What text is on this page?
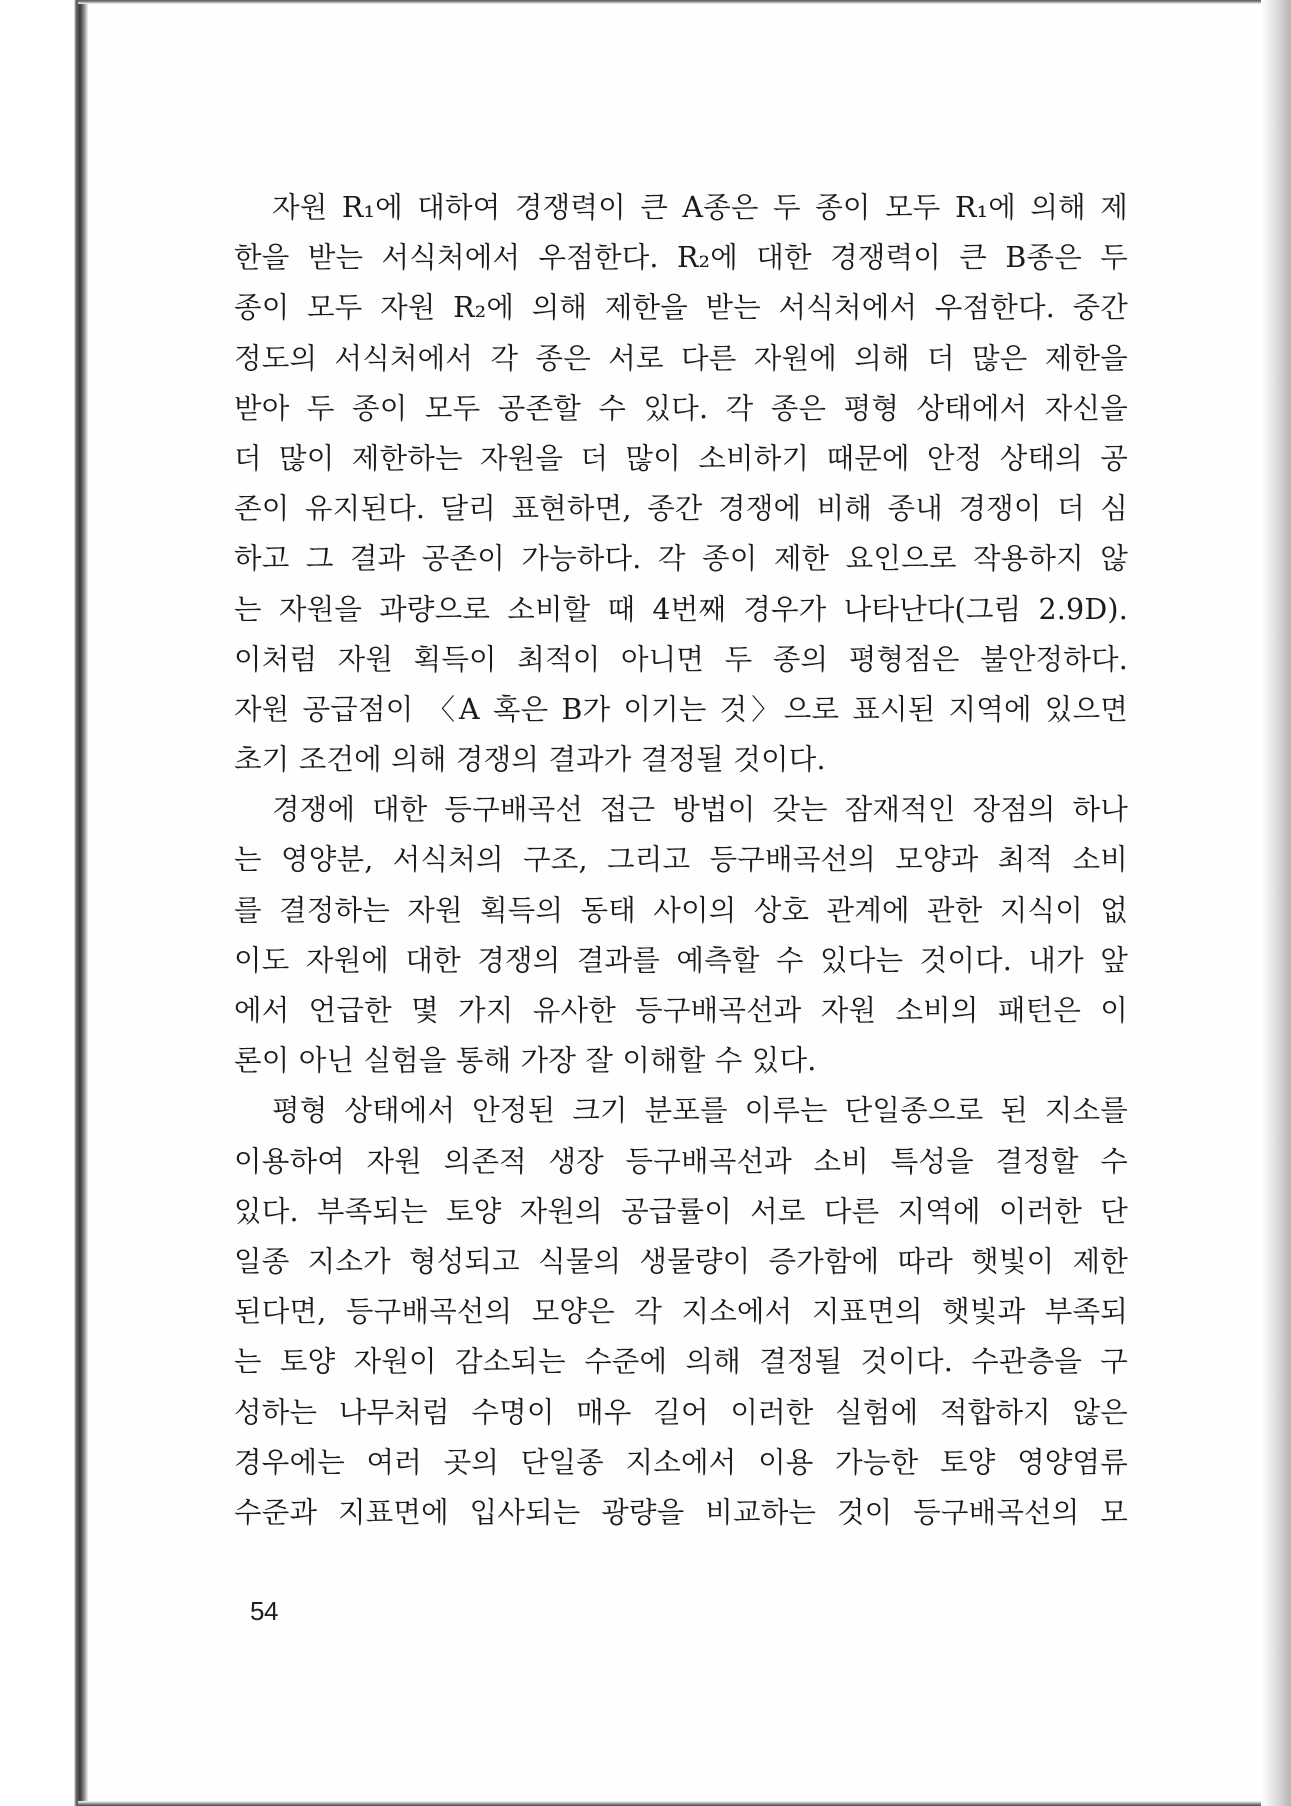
자원 R₁에 대하여 경쟁력이 큰 A종은 두 종이 모두 R₁에 의해 제
한을 받는 서식처에서 우점한다. R₂에 대한 경쟁력이 큰 B종은 두
종이 모두 자원 R₂에 의해 제한을 받는 서식처에서 우점한다. 중간
정도의 서식처에서 각 종은 서로 다른 자원에 의해 더 많은 제한을
받아 두 종이 모두 공존할 수 있다. 각 종은 평형 상태에서 자신을
더 많이 제한하는 자원을 더 많이 소비하기 때문에 안정 상태의 공
존이 유지된다. 달리 표현하면, 종간 경쟁에 비해 종내 경쟁이 더 심
하고 그 결과 공존이 가능하다. 각 종이 제한 요인으로 작용하지 않
는 자원을 과량으로 소비할 때 4번째 경우가 나타난다(그림 2.9D).
이처럼 자원 획득이 최적이 아니면 두 종의 평형점은 불안정하다.
자원 공급점이 〈A 혹은 B가 이기는 것〉으로 표시된 지역에 있으면
초기 조건에 의해 경쟁의 결과가 결정될 것이다.
경쟁에 대한 등구배곡선 접근 방법이 갖는 잠재적인 장점의 하나
는 영양분, 서식처의 구조, 그리고 등구배곡선의 모양과 최적 소비
를 결정하는 자원 획득의 동태 사이의 상호 관계에 관한 지식이 없
이도 자원에 대한 경쟁의 결과를 예측할 수 있다는 것이다. 내가 앞
에서 언급한 몇 가지 유사한 등구배곡선과 자원 소비의 패턴은 이
론이 아닌 실험을 통해 가장 잘 이해할 수 있다.
평형 상태에서 안정된 크기 분포를 이루는 단일종으로 된 지소를
이용하여 자원 의존적 생장 등구배곡선과 소비 특성을 결정할 수
있다. 부족되는 토양 자원의 공급률이 서로 다른 지역에 이러한 단
일종 지소가 형성되고 식물의 생물량이 증가함에 따라 햇빛이 제한
된다면, 등구배곡선의 모양은 각 지소에서 지표면의 햇빛과 부족되
는 토양 자원이 감소되는 수준에 의해 결정될 것이다. 수관층을 구
성하는 나무처럼 수명이 매우 길어 이러한 실험에 적합하지 않은
경우에는 여러 곳의 단일종 지소에서 이용 가능한 토양 영양염류
수준과 지표면에 입사되는 광량을 비교하는 것이 등구배곡선의 모
54
